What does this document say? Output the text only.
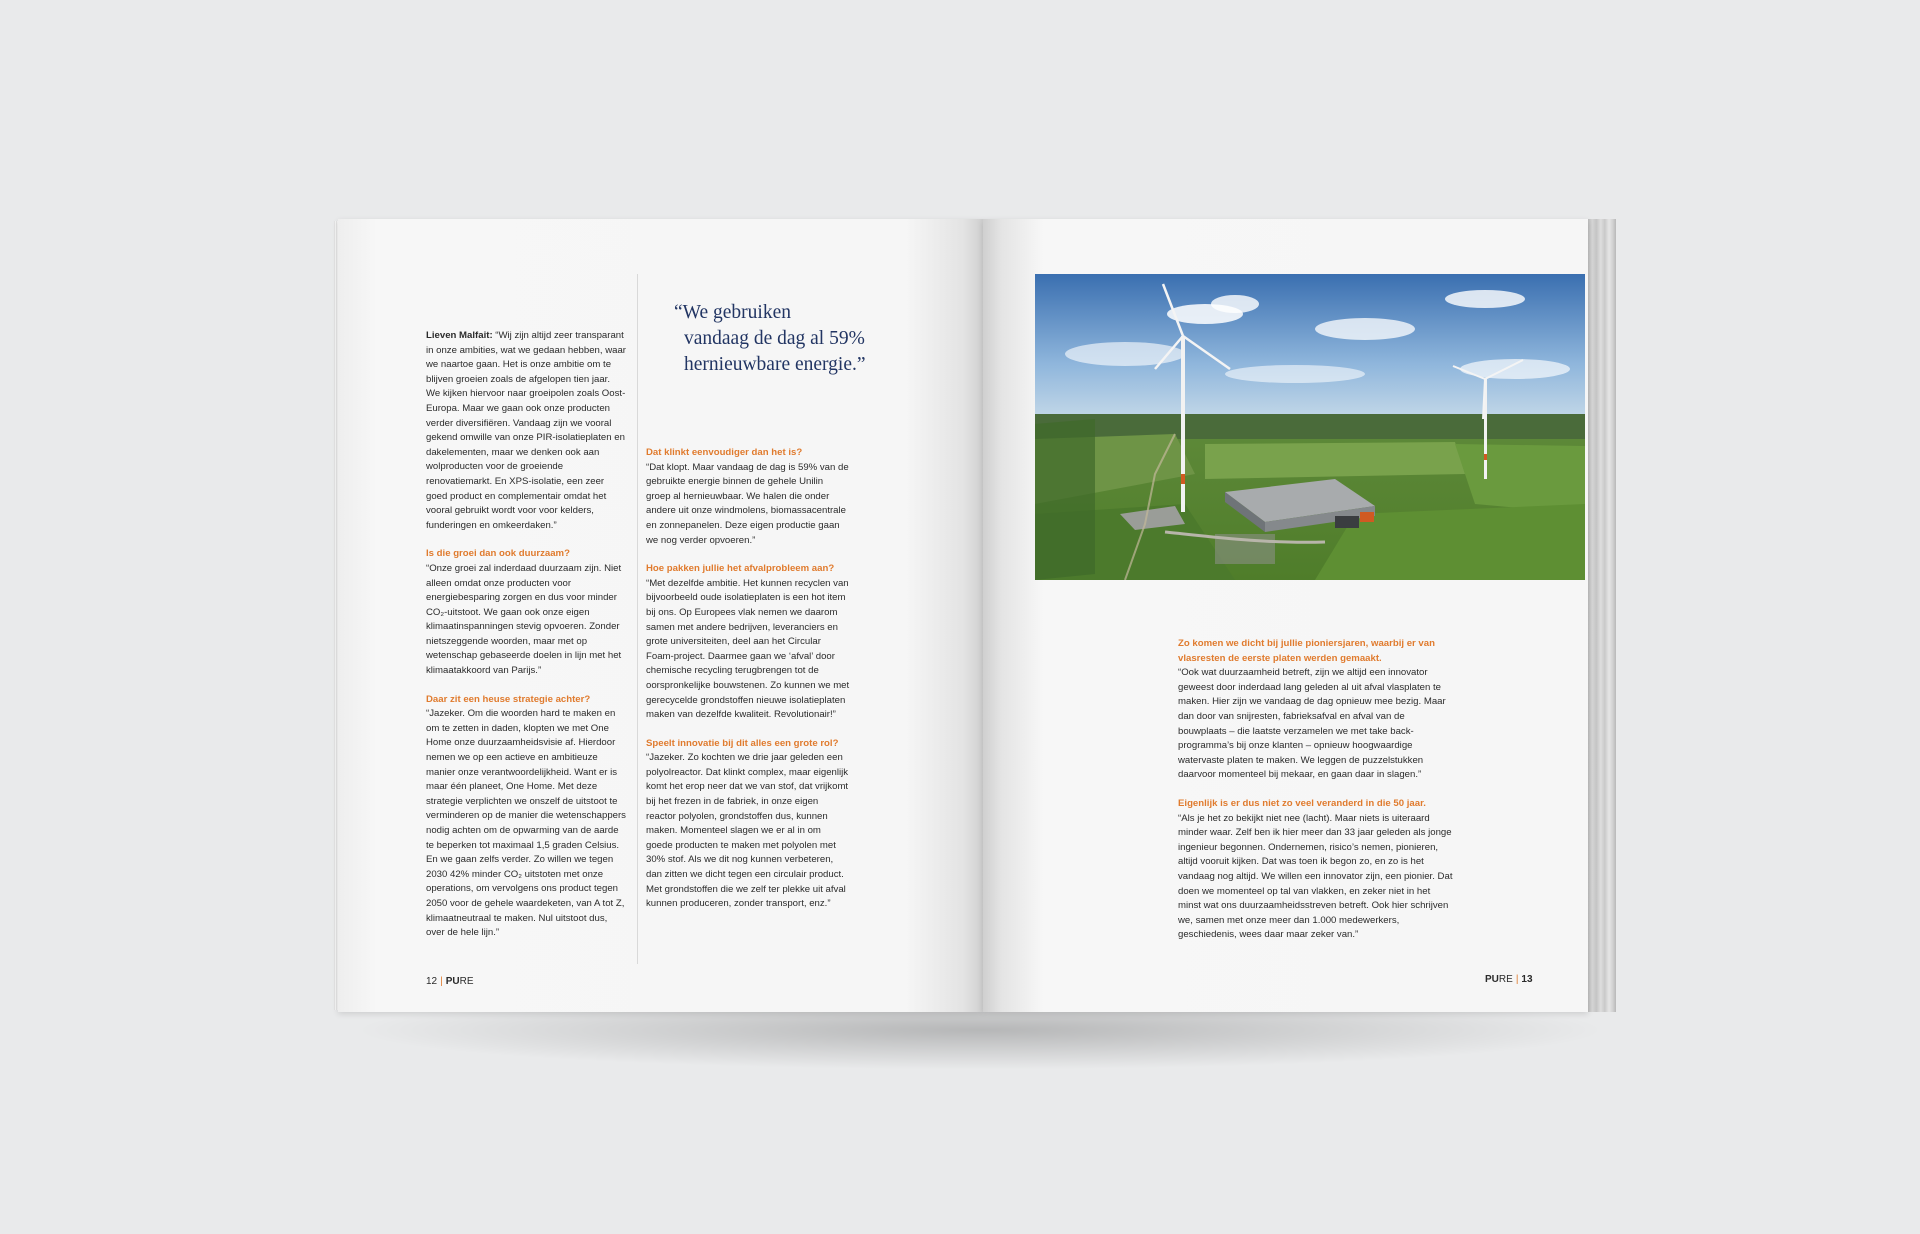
Lieven Malfait: “Wij zijn altijd zeer transparant in onze ambities, wat we gedaan hebben, waar we naartoe gaan. Het is onze ambitie om te blijven groeien zoals de afgelopen tien jaar. We kijken hiervoor naar groeipolen zoals Oost-Europa. Maar we gaan ook onze producten verder diversifiëren. Vandaag zijn we vooral gekend omwille van onze PIR-isolatieplaten en dakelementen, maar we denken ook aan wolproducten voor de groeiende renovatiemarkt. En XPS-isolatie, een zeer goed product en complementair omdat het vooral gebruikt wordt voor voor kelders, funderingen en omkeerdaken.”

Is die groei dan ook duurzaam?
“Onze groei zal inderdaad duurzaam zijn. Niet alleen omdat onze producten voor energiebesparing zorgen en dus voor minder CO₂-uitstoot. We gaan ook onze eigen klimaatinspanningen stevig opvoeren. Zonder nietszeggende woorden, maar met op wetenschap gebaseerde doelen in lijn met het klimaatakkoord van Parijs.”

Daar zit een heuse strategie achter?
“Jazeker. Om die woorden hard te maken en om te zetten in daden, klopten we met One Home onze duurzaamheidsvisie af. Hierdoor nemen we op een actieve en ambitieuze manier onze verantwoordelijkheid. Want er is maar één planeet, One Home. Met deze strategie verplichten we onszelf de uitstoot te verminderen op de manier die wetenschappers nodig achten om de opwarming van de aarde te beperken tot maximaal 1,5 graden Celsius. En we gaan zelfs verder. Zo willen we tegen 2030 42% minder CO₂ uitstoten met onze operations, om vervolgens ons product tegen 2050 voor de gehele waardeketen, van A tot Z, klimaatneutraal te maken. Nul uitstoot dus, over de hele lijn.”

“We gebruiken
vandaag de dag al 59%
hernieuwbare energie.”

Dat klinkt eenvoudiger dan het is?
“Dat klopt. Maar vandaag de dag is 59% van de gebruikte energie binnen de gehele Unilin groep al hernieuwbaar. We halen die onder andere uit onze windmolens, biomassacentrale en zonnepanelen. Deze eigen productie gaan we nog verder opvoeren.”

Hoe pakken jullie het afvalprobleem aan?
“Met dezelfde ambitie. Het kunnen recyclen van bijvoorbeeld oude isolatieplaten is een hot item bij ons. Op Europees vlak nemen we daarom samen met andere bedrijven, leveranciers en grote universiteiten, deel aan het Circular Foam-project. Daarmee gaan we ‘afval’ door chemische recycling terugbrengen tot de oorspronkelijke bouwstenen. Zo kunnen we met gerecycelde grondstoffen nieuwe isolatieplaten maken van dezelfde kwaliteit. Revolutionair!”

Speelt innovatie bij dit alles een grote rol?
“Jazeker. Zo kochten we drie jaar geleden een polyolreactor. Dat klinkt complex, maar eigenlijk komt het erop neer dat we van stof, dat vrijkomt bij het frezen in de fabriek, in onze eigen reactor polyolen, grondstoffen dus, kunnen maken. Momenteel slagen we er al in om goede producten te maken met polyolen met 30% stof. Als we dit nog kunnen verbeteren, dan zitten we dicht tegen een circulair product. Met grondstoffen die we zelf ter plekke uit afval kunnen produceren, zonder transport, enz.”

12 | PURE

Zo komen we dicht bij jullie pioniersjaren, waarbij er van vlasresten de eerste platen werden gemaakt.
“Ook wat duurzaamheid betreft, zijn we altijd een innovator geweest door inderdaad lang geleden al uit afval vlasplaten te maken. Hier zijn we vandaag de dag opnieuw mee bezig. Maar dan door van snijresten, fabrieksafval en afval van de bouwplaats – die laatste verzamelen we met take back-programma’s bij onze klanten – opnieuw hoogwaardige watervaste platen te maken. We leggen de puzzelstukken daarvoor momenteel bij mekaar, en gaan daar in slagen.”

Eigenlijk is er dus niet zo veel veranderd in die 50 jaar.
“Als je het zo bekijkt niet nee (lacht). Maar niets is uiteraard minder waar. Zelf ben ik hier meer dan 33 jaar geleden als jonge ingenieur begonnen. Ondernemen, risico’s nemen, pionieren, altijd vooruit kijken. Dat was toen ik begon zo, en zo is het vandaag nog altijd. We willen een innovator zijn, een pionier. Dat doen we momenteel op tal van vlakken, en zeker niet in het minst wat ons duurzaamheidsstreven betreft. Ook hier schrijven we, samen met onze meer dan 1.000 medewerkers, geschiedenis, wees daar maar zeker van.”

PURE | 13
